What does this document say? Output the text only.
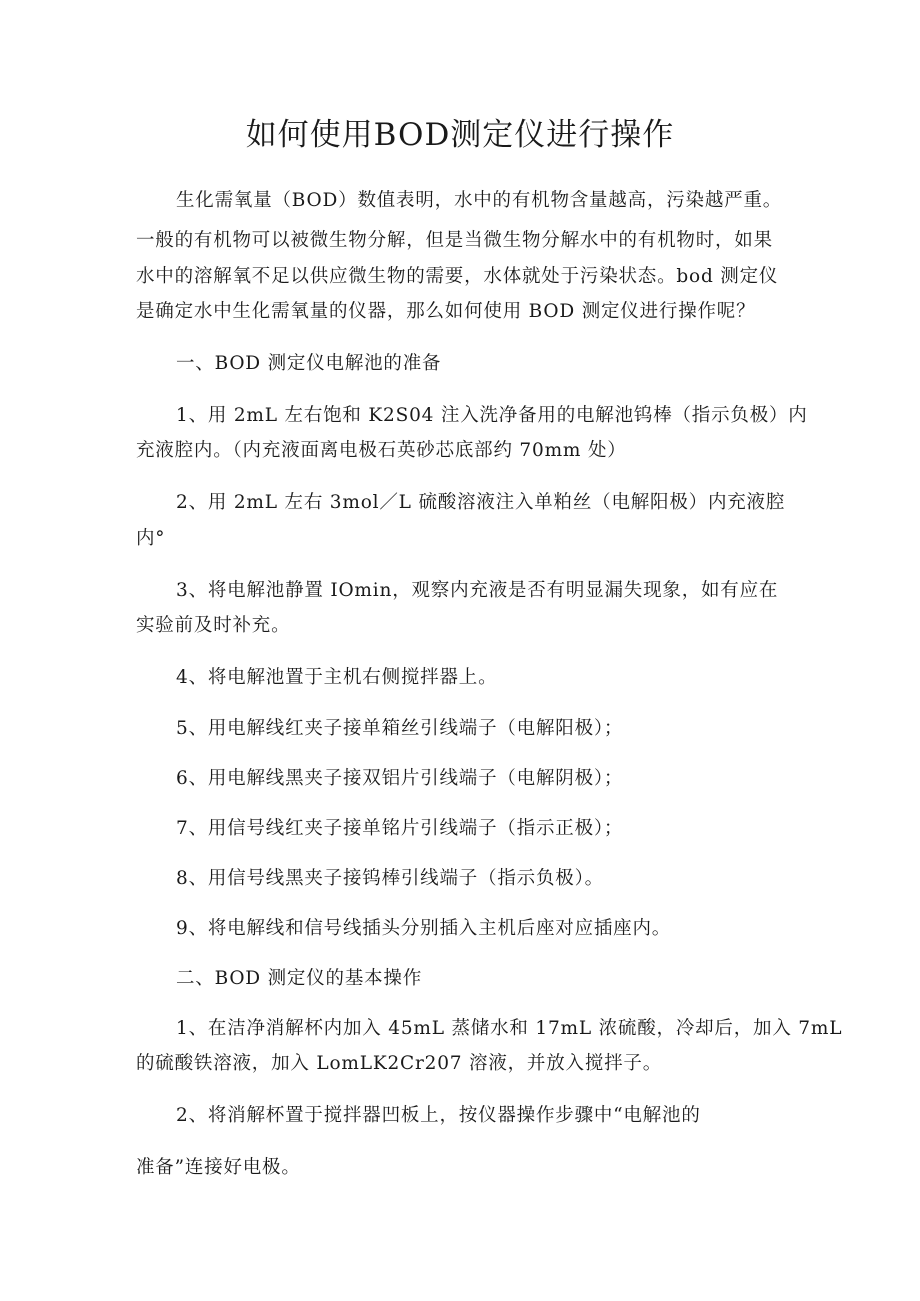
如何使用BOD测定仪进行操作
生化需氧量（BOD）数值表明，水中的有机物含量越高，污染越严重。
一般的有机物可以被微生物分解，但是当微生物分解水中的有机物时，如果
水中的溶解氧不足以供应微生物的需要，水体就处于污染状态。bod 测定仪
是确定水中生化需氧量的仪器，那么如何使用 BOD 测定仪进行操作呢？
一、BOD 测定仪电解池的准备
1、用 2mL 左右饱和 K2S04 注入洗净备用的电解池钨棒（指示负极）内
充液腔内。（内充液面离电极石英砂芯底部约 70mm 处）
2、用 2mL 左右 3mol／L 硫酸溶液注入单粕丝（电解阳极）内充液腔
内°
3、将电解池静置 IOmin，观察内充液是否有明显漏失现象，如有应在
实验前及时补充。
4、将电解池置于主机右侧搅拌器上。
5、用电解线红夹子接单箱丝引线端子（电解阳极）；
6、用电解线黑夹子接双铝片引线端子（电解阴极）；
7、用信号线红夹子接单铭片引线端子（指示正极）；
8、用信号线黑夹子接钨棒引线端子（指示负极）。
9、将电解线和信号线插头分别插入主机后座对应插座内。
二、BOD 测定仪的基本操作
1、在洁净消解杯内加入 45mL 蒸储水和 17mL 浓硫酸，冷却后，加入 7mL
的硫酸铁溶液，加入 LomLK2Cr207 溶液，并放入搅拌子。
2、将消解杯置于搅拌器凹板上，按仪器操作步骤中“电解池的
准备”连接好电极。
